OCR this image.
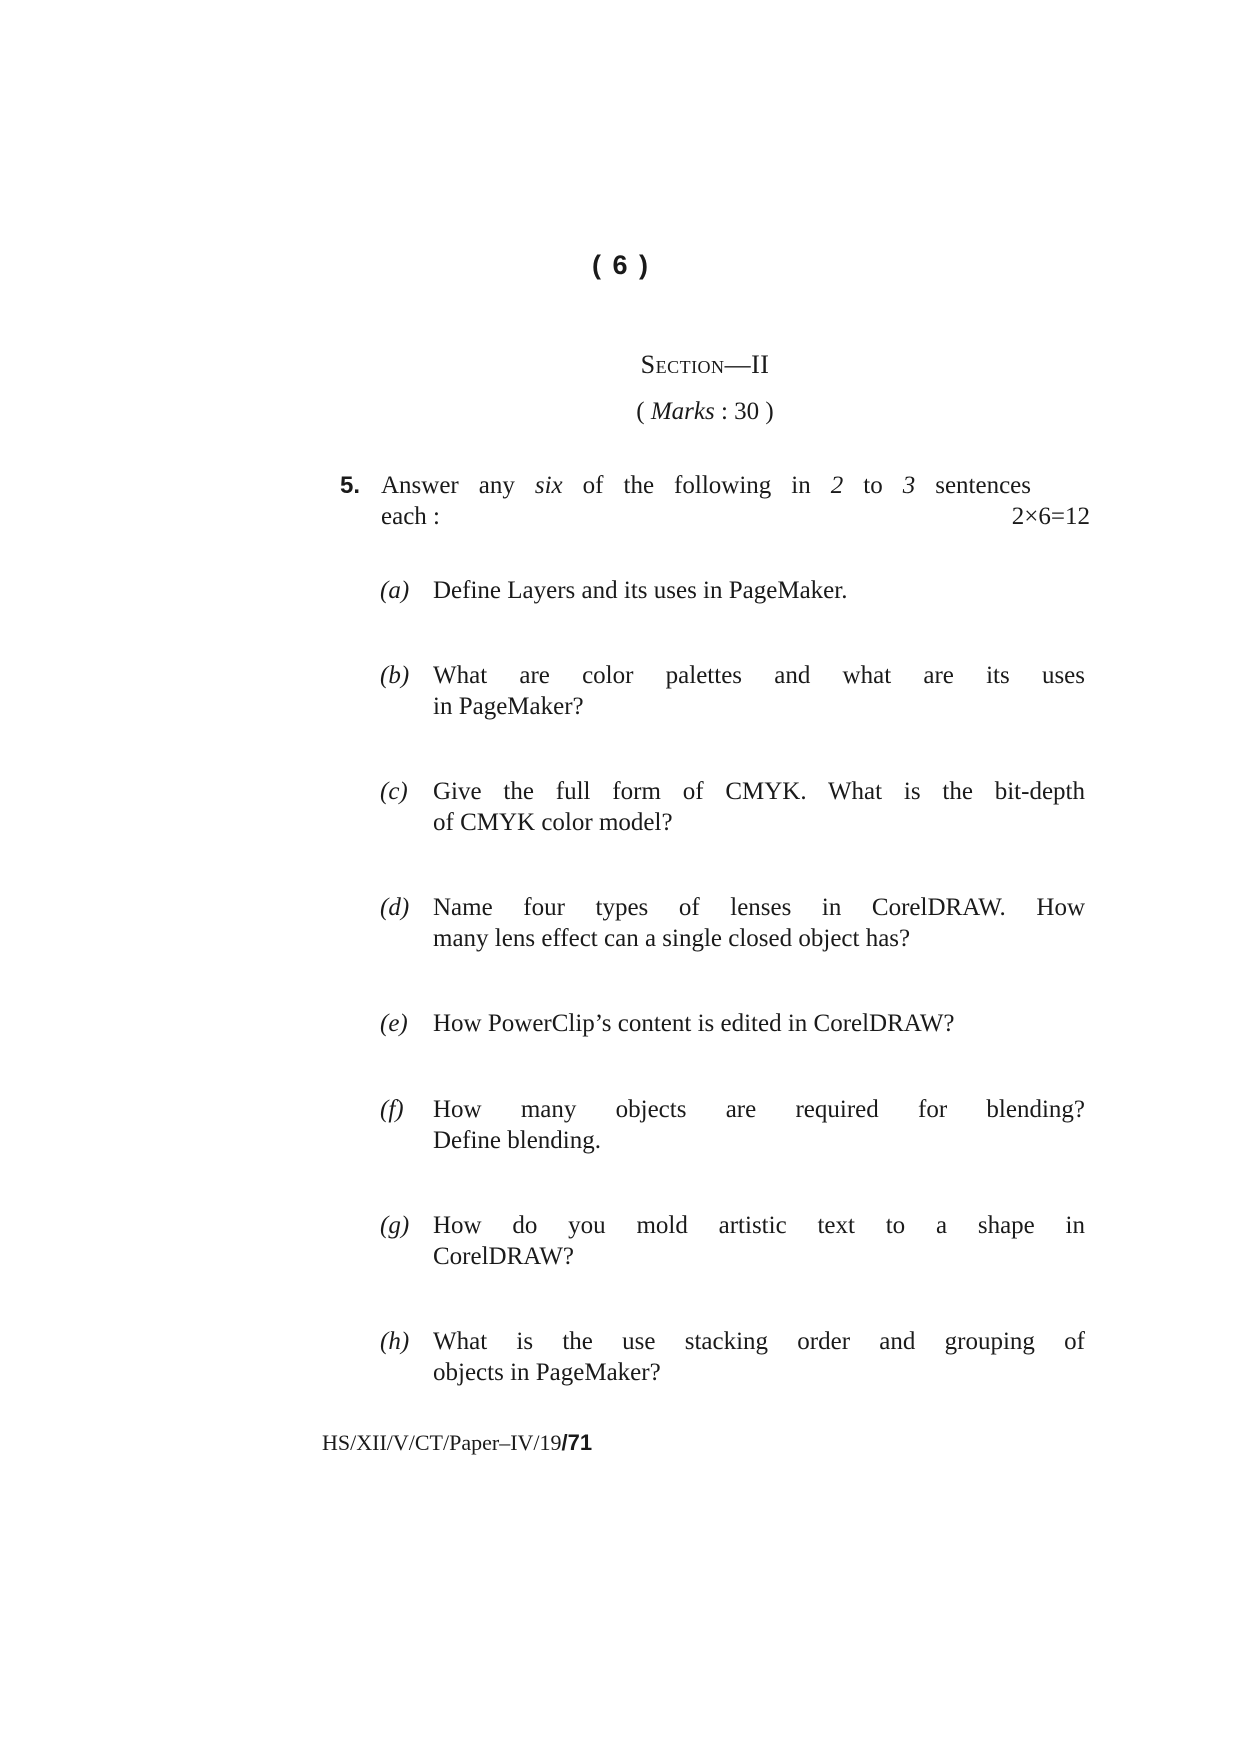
( 6 )
Section—II
( Marks : 30 )
5. Answer any six of the following in 2 to 3 sentences
each :	2×6=12
(a) Define Layers and its uses in PageMaker.
(b) What are color palettes and what are its uses
in PageMaker?
(c) Give the full form of CMYK. What is the bit-depth
of CMYK color model?
(d) Name four types of lenses in CorelDRAW. How
many lens effect can a single closed object has?
(e) How PowerClip’s content is edited in CorelDRAW?
(f) How many objects are required for blending?
Define blending.
(g) How do you mold artistic text to a shape in
CorelDRAW?
(h) What is the use stacking order and grouping of
objects in PageMaker?
HS/XII/V/CT/Paper–IV/19/71
